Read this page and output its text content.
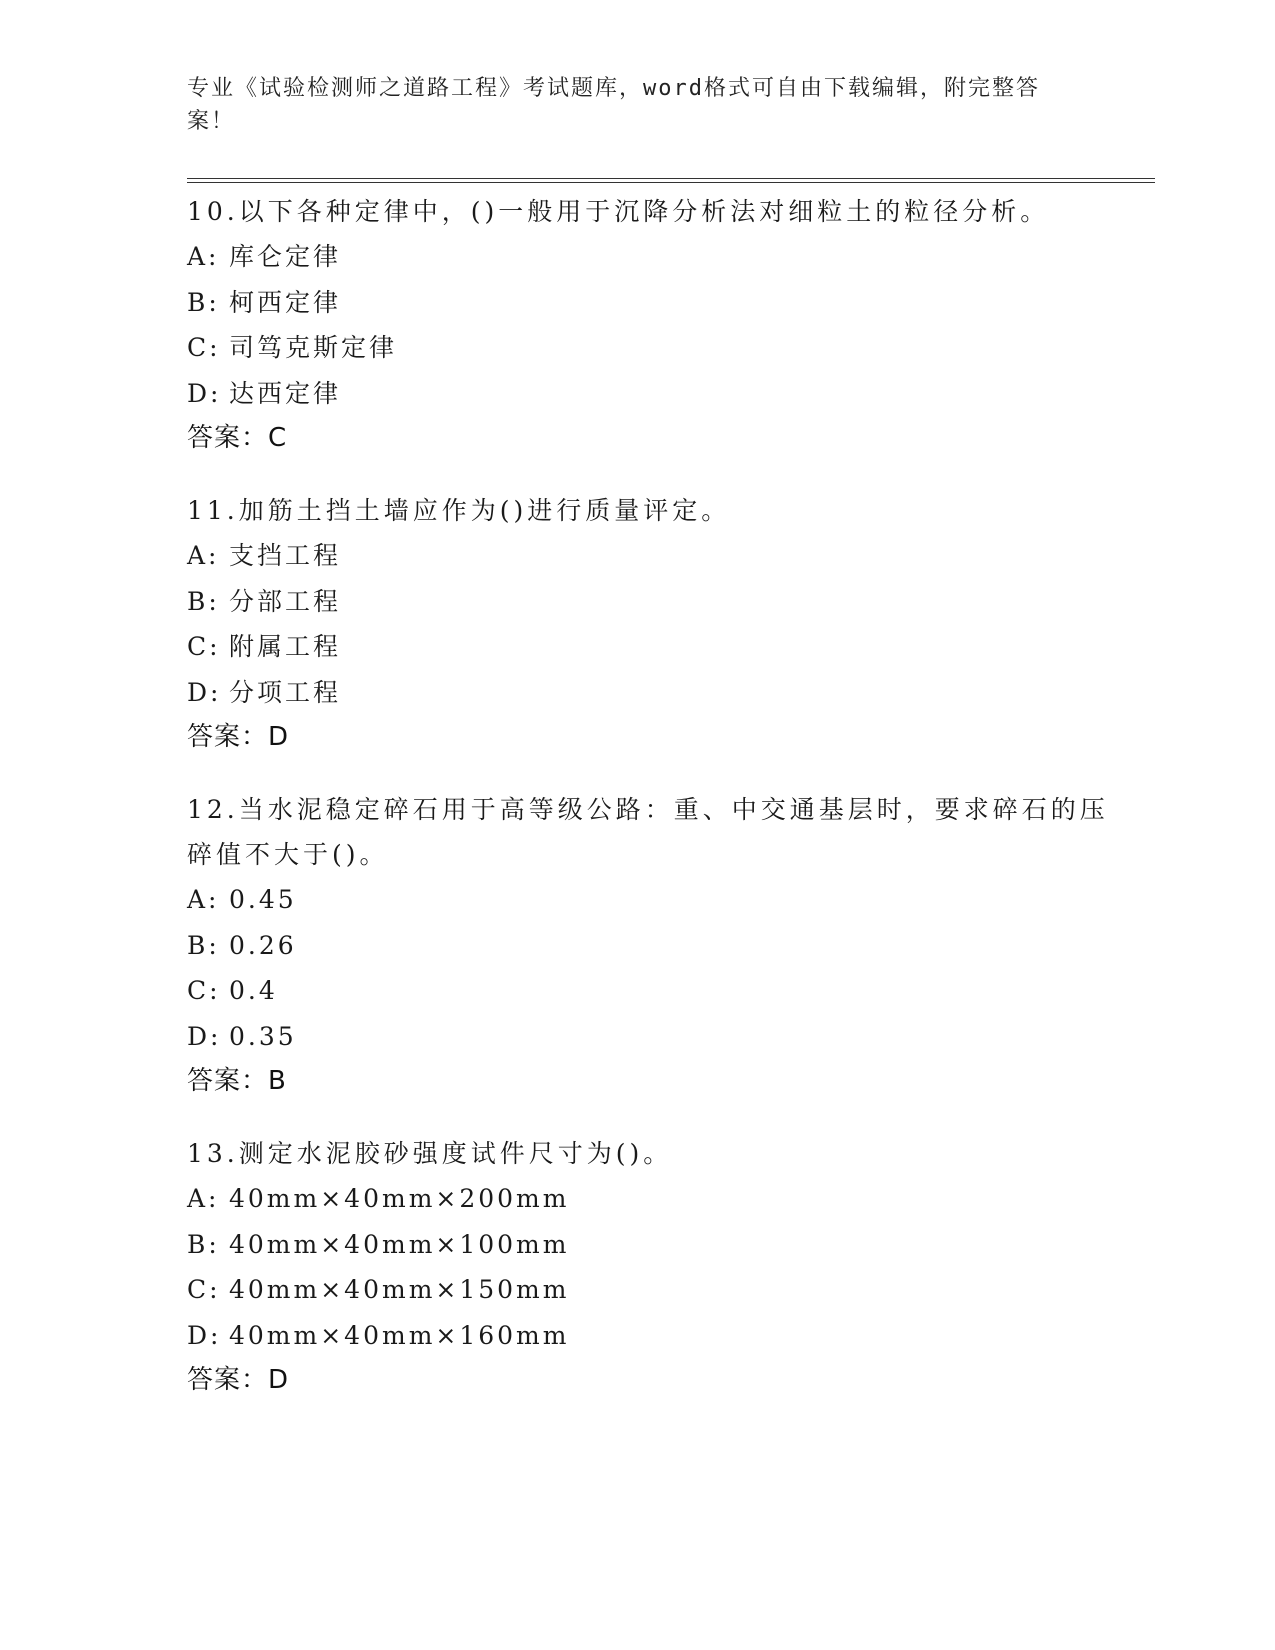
专业《试验检测师之道路工程》考试题库，word格式可自由下载编辑，附完整答案！

10.以下各种定律中，()一般用于沉降分析法对细粒土的粒径分析。

A: 库仑定律

B: 柯西定律

C: 司笃克斯定律

D: 达西定律

答案：C

11.加筋土挡土墙应作为()进行质量评定。

A: 支挡工程

B: 分部工程

C: 附属工程

D: 分项工程

答案：D

12.当水泥稳定碎石用于高等级公路：重、中交通基层时，要求碎石的压碎值不大于()。

A: 0.45

B: 0.26

C: 0.4

D: 0.35

答案：B

13.测定水泥胶砂强度试件尺寸为()。

A: 40mm×40mm×200mm

B: 40mm×40mm×100mm

C: 40mm×40mm×150mm

D: 40mm×40mm×160mm

答案：D
